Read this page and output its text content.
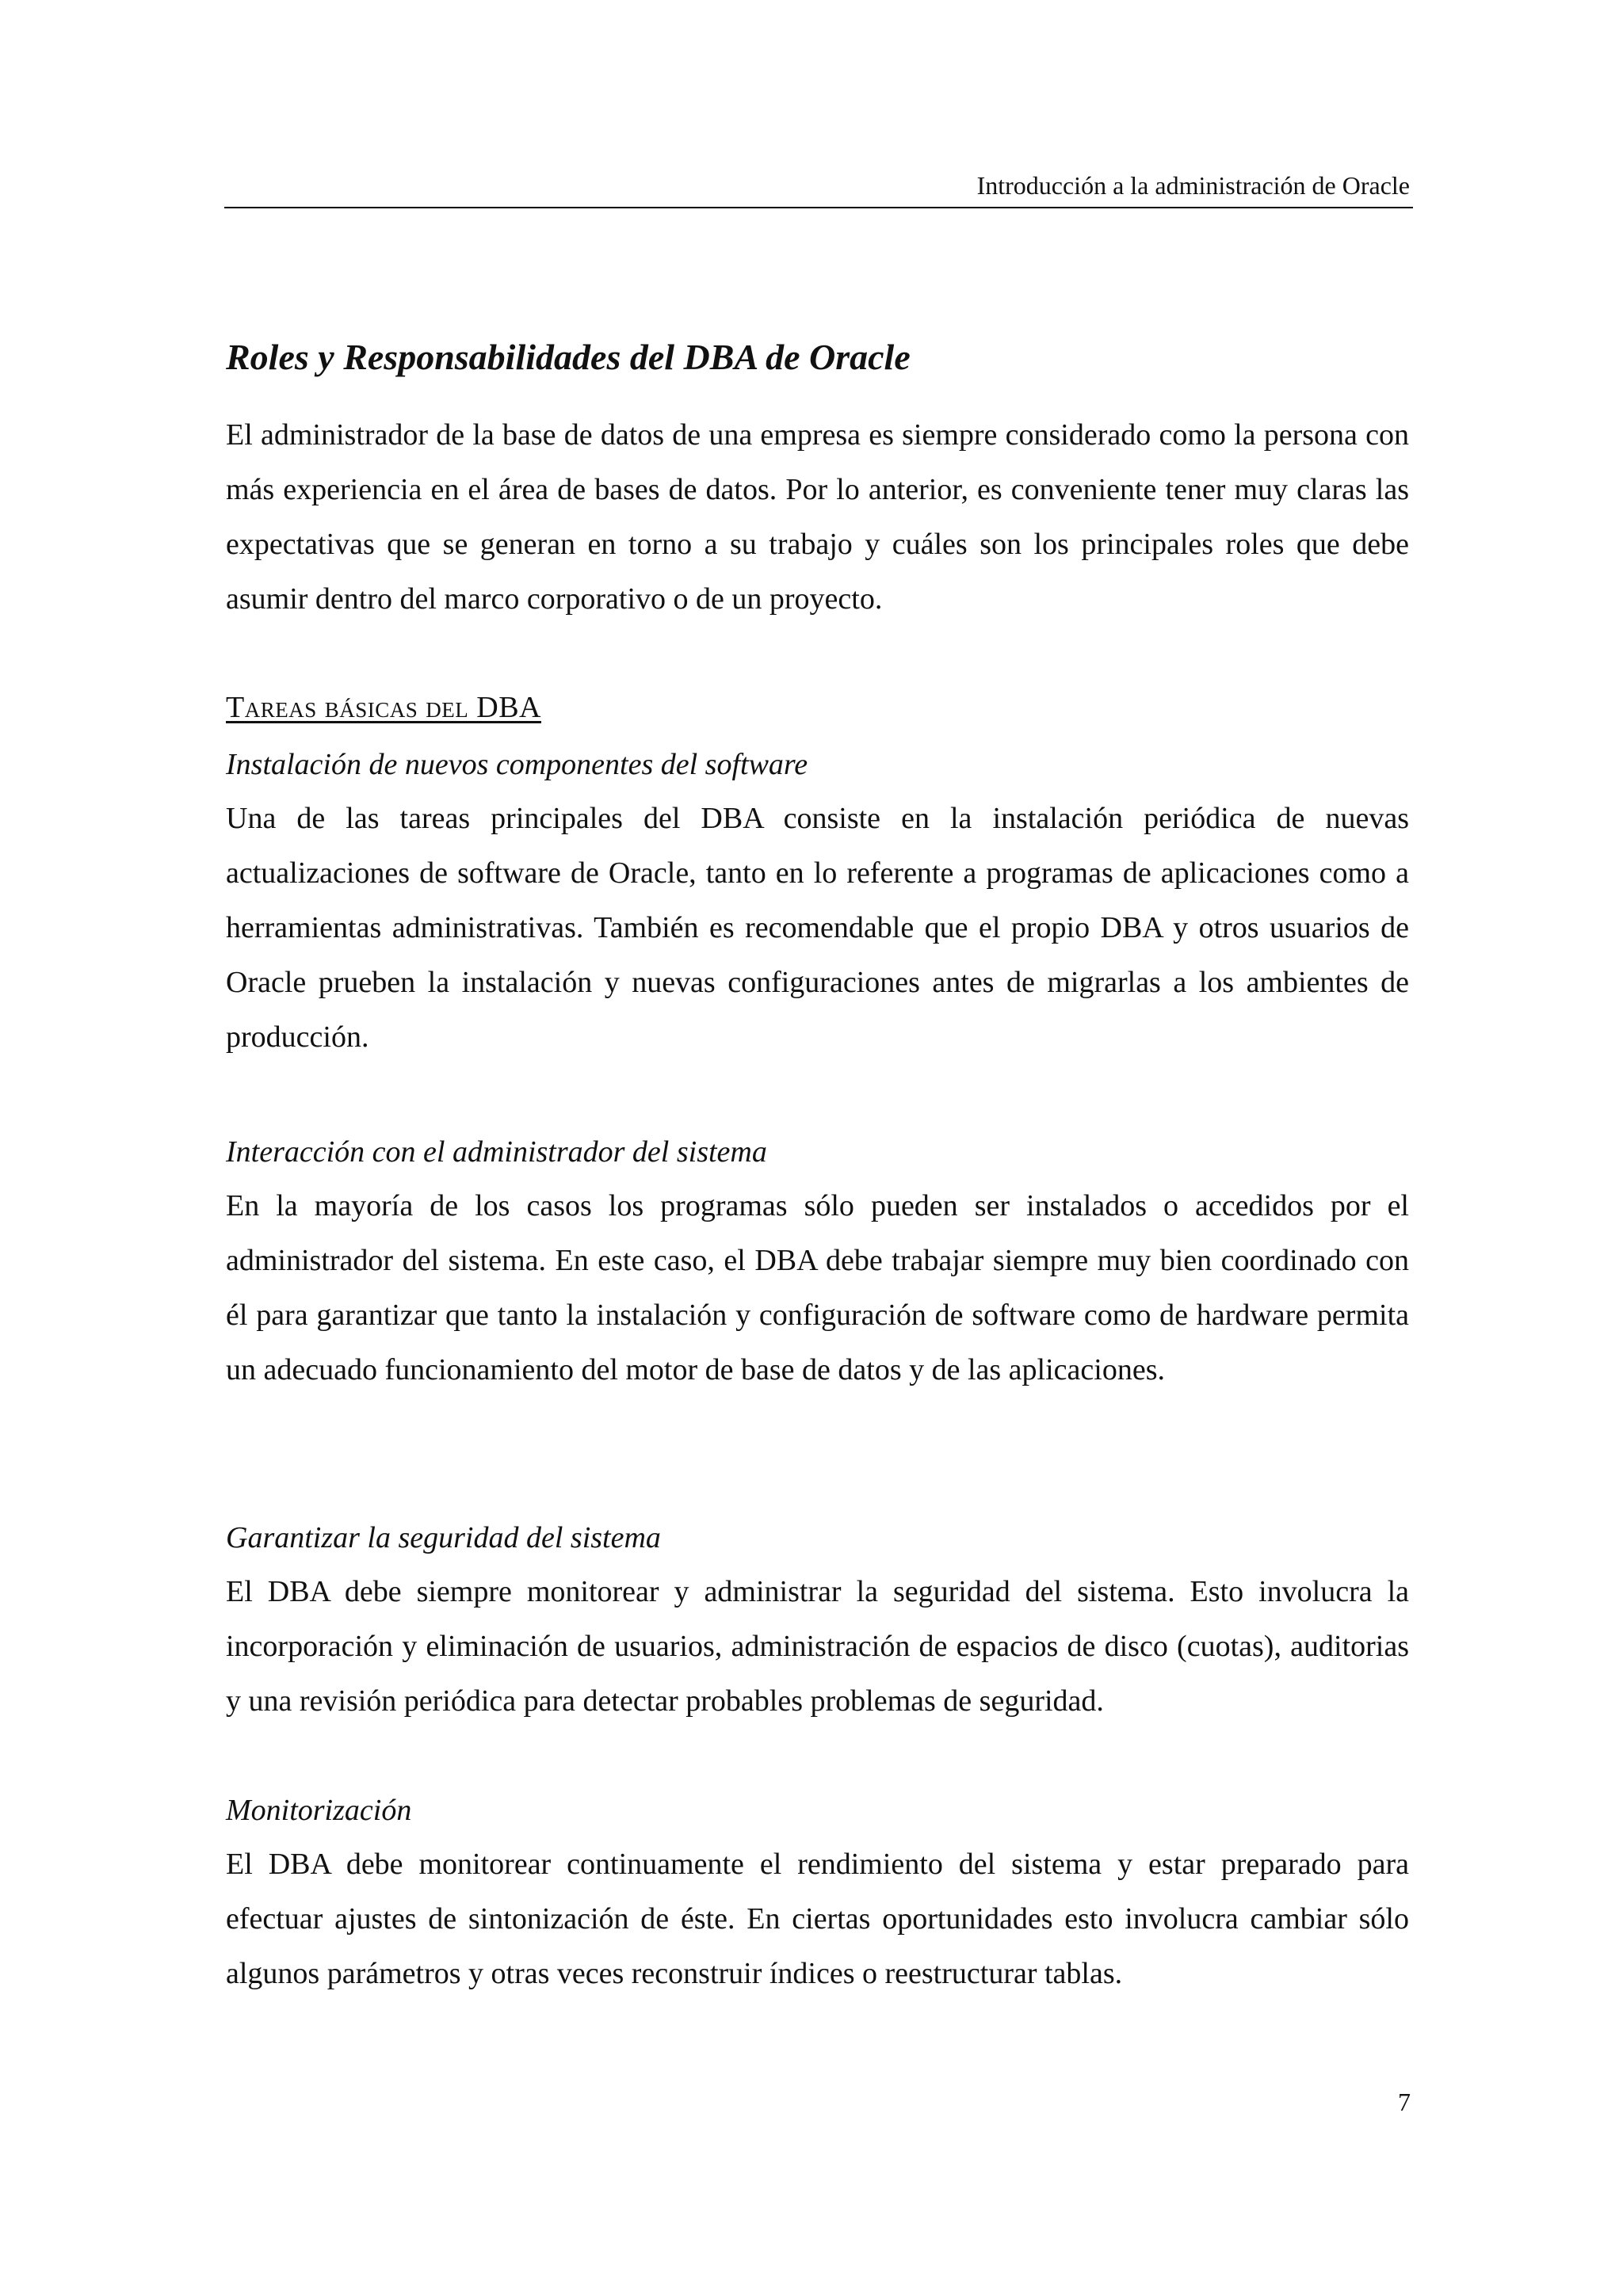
Introducción a la administración de Oracle
Roles y Responsabilidades del DBA de Oracle

El administrador de la base de datos de una empresa es siempre considerado como la persona con más experiencia en el área de bases de datos. Por lo anterior, es conveniente tener muy claras las expectativas que se generan en torno a su trabajo y cuáles son los principales roles que debe asumir dentro del marco corporativo o de un proyecto.

Tareas básicas del DBA
Instalación de nuevos componentes del software

Una de las tareas principales del DBA consiste en la instalación periódica de nuevas actualizaciones de software de Oracle, tanto en lo referente a programas de aplicaciones como a herramientas administrativas. También es recomendable que el propio DBA y otros usuarios de Oracle prueben la instalación y nuevas configuraciones antes de migrarlas a los ambientes de producción.

Interacción con el administrador del sistema

En la mayoría de los casos los programas sólo pueden ser instalados o accedidos por el administrador del sistema. En este caso, el DBA debe trabajar siempre muy bien coordinado con él para garantizar que tanto la instalación y configuración de software como de hardware permita un adecuado funcionamiento del motor de base de datos y de las aplicaciones.

Garantizar la seguridad del sistema

El DBA debe siempre monitorear y administrar la seguridad del sistema. Esto involucra la incorporación y eliminación de usuarios, administración de espacios de disco (cuotas), auditorias y una revisión periódica para detectar probables problemas de seguridad.

Monitorización

El DBA debe monitorear continuamente el rendimiento del sistema y estar preparado para efectuar ajustes de sintonización de éste. En ciertas oportunidades esto involucra cambiar sólo algunos parámetros y otras veces reconstruir índices o reestructurar tablas.

7
